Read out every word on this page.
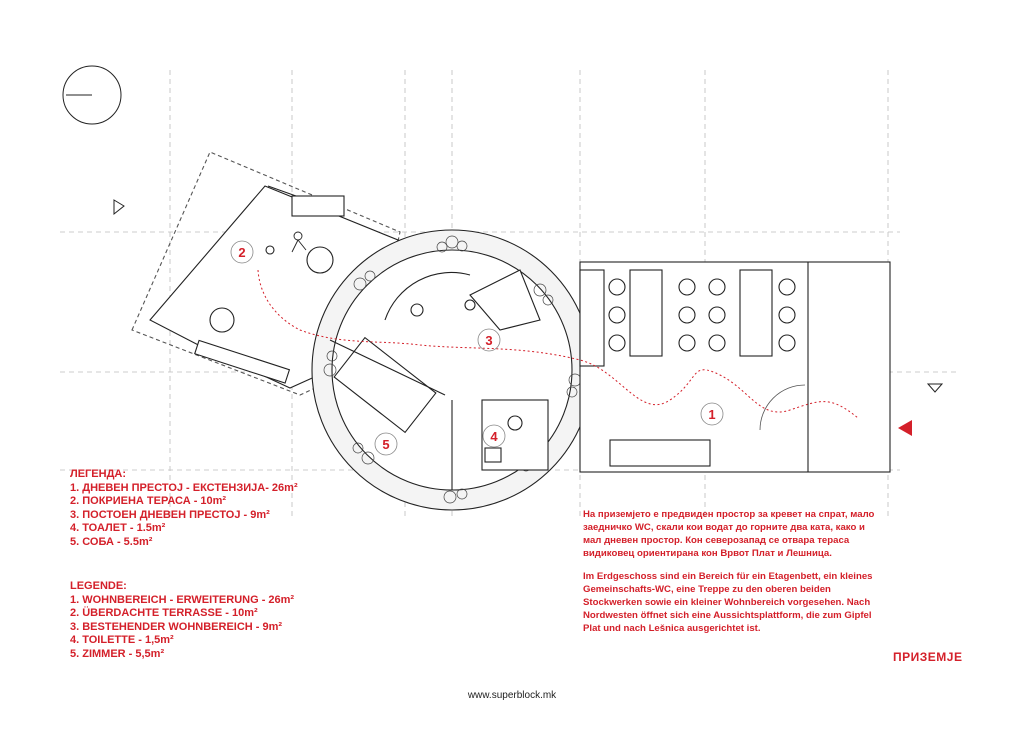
1
2
3
4
5
ЛЕГЕНДА:
1. ДНЕВЕН ПРЕСТОЈ - ЕКСТЕНЗИЈА- 26m²
2. ПОКРИЕНА ТЕРАСА - 10m²
3. ПОСТОЕН ДНЕВЕН ПРЕСТОЈ - 9m²
4. ТОАЛЕТ - 1.5m²
5. СОБА - 5.5m²
LEGENDE:
1. WOHNBEREICH - ERWEITERUNG - 26m²
2. ÜBERDACHTE TERRASSE - 10m²
3. BESTEHENDER WOHNBEREICH - 9m²
4. TOILETTE - 1,5m²
5. ZIMMER - 5,5m²

На приземјето е предвиден простор за кревет на спрат, мало заедничко WC, скали кои водат до горните два ката, како и мал дневен простор. Кон северозапад се отвара тераса видиковец ориентирана кон Врвот Плат и Лешница.

Im Erdgeschoss sind ein Bereich für ein Etagenbett, ein kleines Gemeinschafts-WC, eine Treppe zu den oberen beiden Stockwerken sowie ein kleiner Wohnbereich vorgesehen. Nach Nordwesten öffnet sich eine Aussichtsplattform, die zum Gipfel Plat und nach Lešnica ausgerichtet ist.

ПРИЗЕМЈЕ
www.superblock.mk
